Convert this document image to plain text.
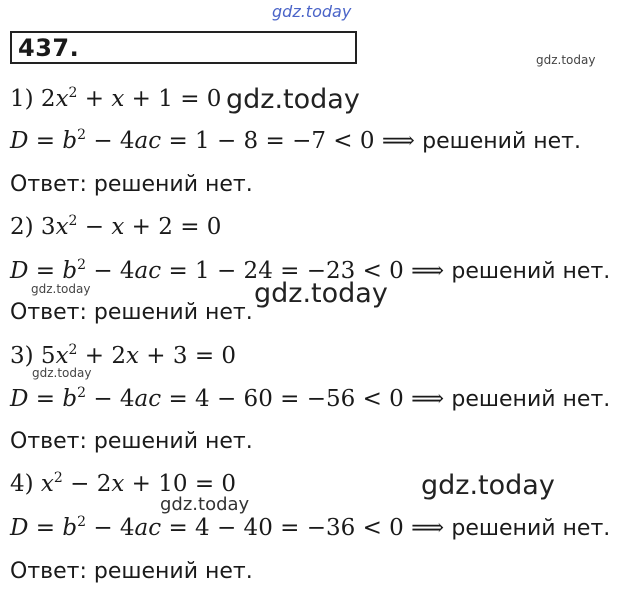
gdz.today
gdz.today
437.
1) $2x^2 + x + 1 = 0$ gdz.today
$D = b^2 - 4ac = 1 - 8 = -7 < 0$ ⟹ решений нет.
Ответ: решений нет.
2) $3x^2 - x + 2 = 0$
$D = b^2 - 4ac = 1 - 24 = -23 < 0$ ⟹ решений нет.
gdz.today	gdz.today
Ответ: решений нет.
3) $5x^2 + 2x + 3 = 0$
gdz.today
$D = b^2 - 4ac = 4 - 60 = -56 < 0$ ⟹ решений нет.
Ответ: решений нет.
4) $x^2 - 2x + 10 = 0$	gdz.today
gdz.today
$D = b^2 - 4ac = 4 - 40 = -36 < 0$ ⟹ решений нет.
Ответ: решений нет.
